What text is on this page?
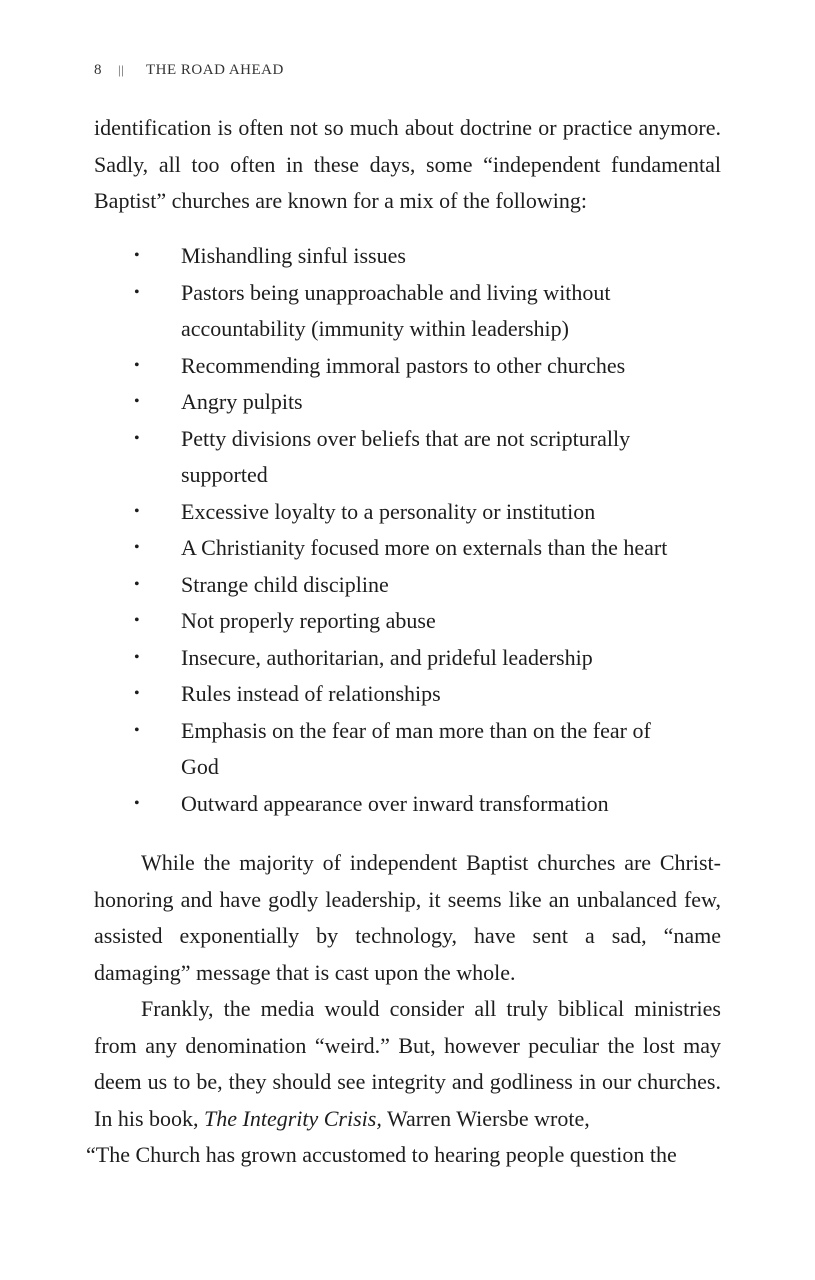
8	||	THE ROAD AHEAD

identification is often not so much about doctrine or practice anymore. Sadly, all too often in these days, some “independent fundamental Baptist” churches are known for a mix of the following:

• Mishandling sinful issues
• Pastors being unapproachable and living without accountability (immunity within leadership)
• Recommending immoral pastors to other churches
• Angry pulpits
• Petty divisions over beliefs that are not scripturally supported
• Excessive loyalty to a personality or institution
• A Christianity focused more on externals than the heart
• Strange child discipline
• Not properly reporting abuse
• Insecure, authoritarian, and prideful leadership
• Rules instead of relationships
• Emphasis on the fear of man more than on the fear of God
• Outward appearance over inward transformation

While the majority of independent Baptist churches are Christ-honoring and have godly leadership, it seems like an unbalanced few, assisted exponentially by technology, have sent a sad, “name damaging” message that is cast upon the whole.

Frankly, the media would consider all truly biblical ministries from any denomination “weird.” But, however peculiar the lost may deem us to be, they should see integrity and godliness in our churches. In his book, The Integrity Crisis, Warren Wiersbe wrote,

“The Church has grown accustomed to hearing people question the
